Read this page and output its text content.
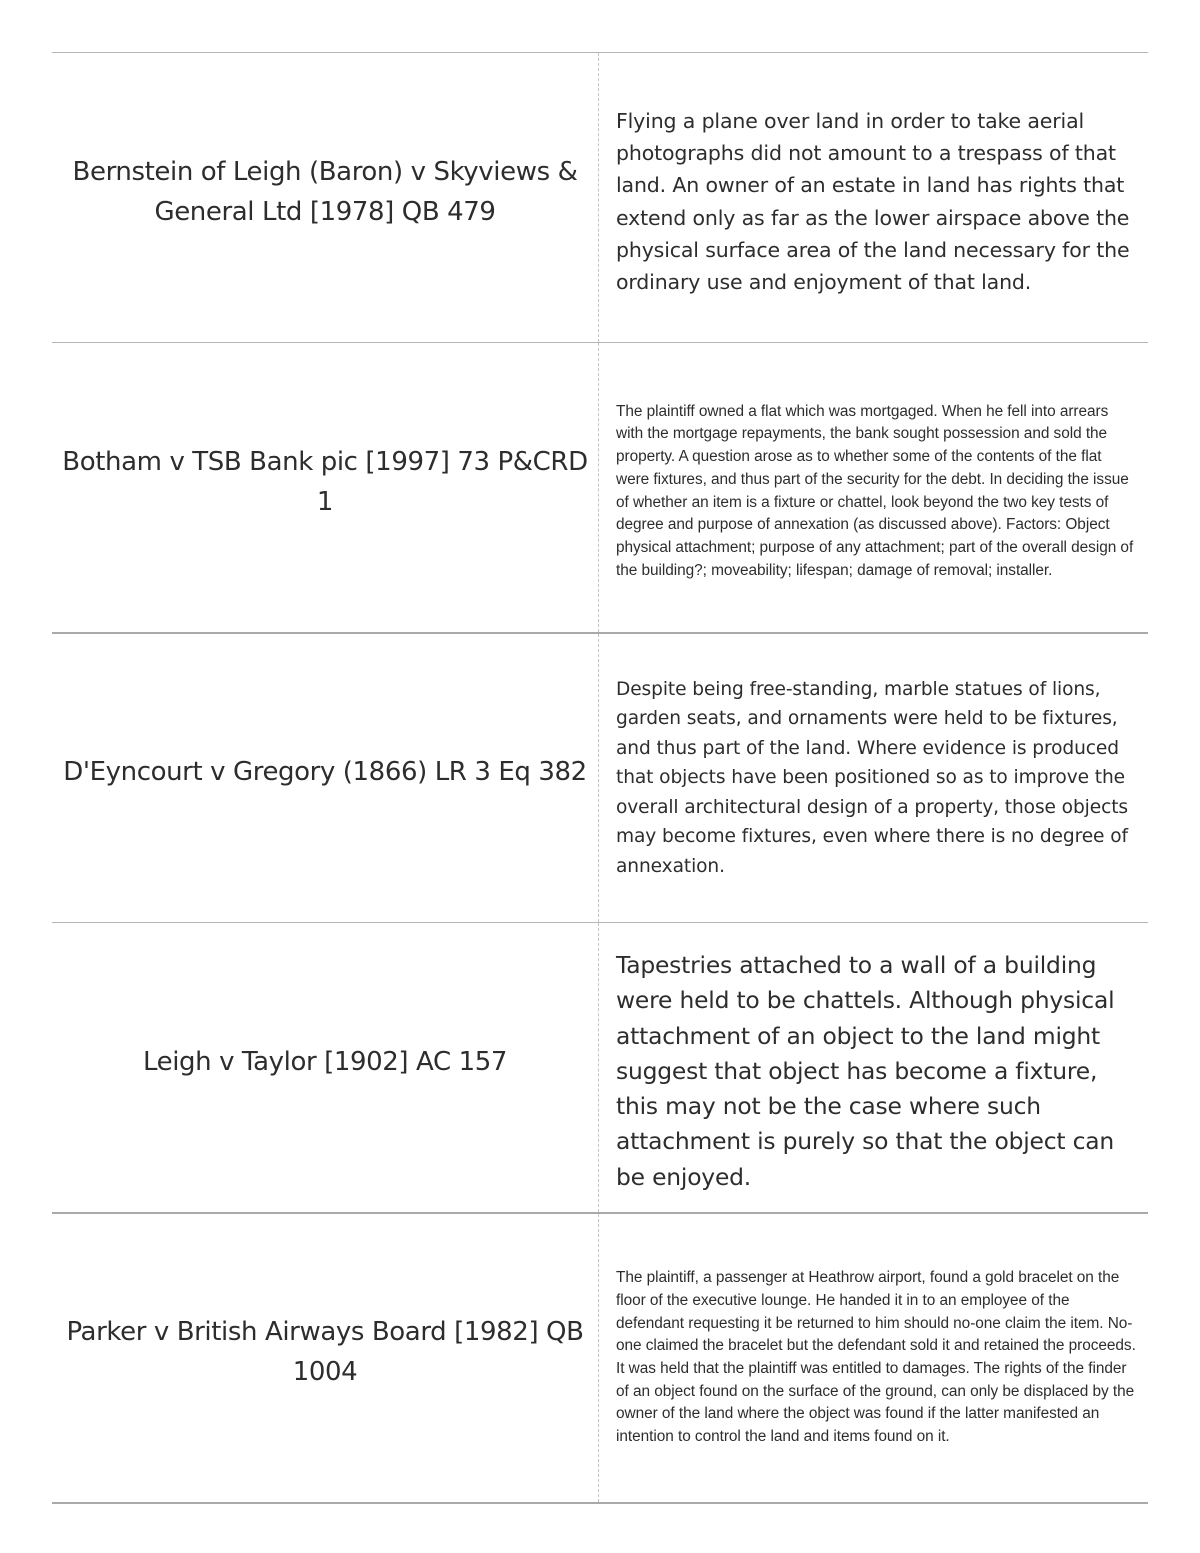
Bernstein of Leigh (Baron) v Skyviews & General Ltd [1978] QB 479
Flying a plane over land in order to take aerial photographs did not amount to a trespass of that land. An owner of an estate in land has rights that extend only as far as the lower airspace above the physical surface area of the land necessary for the ordinary use and enjoyment of that land.
Botham v TSB Bank pic [1997] 73 P&CRD 1
The plaintiff owned a flat which was mortgaged. When he fell into arrears with the mortgage repayments, the bank sought possession and sold the property. A question arose as to whether some of the contents of the flat were fixtures, and thus part of the security for the debt. In deciding the issue of whether an item is a fixture or chattel, look beyond the two key tests of degree and purpose of annexation (as discussed above). Factors: Object physical attachment; purpose of any attachment; part of the overall design of the building?; moveability; lifespan; damage of removal; installer.
D'Eyncourt v Gregory (1866) LR 3 Eq 382
Despite being free-standing, marble statues of lions, garden seats, and ornaments were held to be fixtures, and thus part of the land. Where evidence is produced that objects have been positioned so as to improve the overall architectural design of a property, those objects may become fixtures, even where there is no degree of annexation.
Leigh v Taylor [1902] AC 157
Tapestries attached to a wall of a building were held to be chattels. Although physical attachment of an object to the land might suggest that object has become a fixture, this may not be the case where such attachment is purely so that the object can be enjoyed.
Parker v British Airways Board [1982] QB 1004
The plaintiff, a passenger at Heathrow airport, found a gold bracelet on the floor of the executive lounge. He handed it in to an employee of the defendant requesting it be returned to him should no-one claim the item. No-one claimed the bracelet but the defendant sold it and retained the proceeds. It was held that the plaintiff was entitled to damages. The rights of the finder of an object found on the surface of the ground, can only be displaced by the owner of the land where the object was found if the latter manifested an intention to control the land and items found on it.
